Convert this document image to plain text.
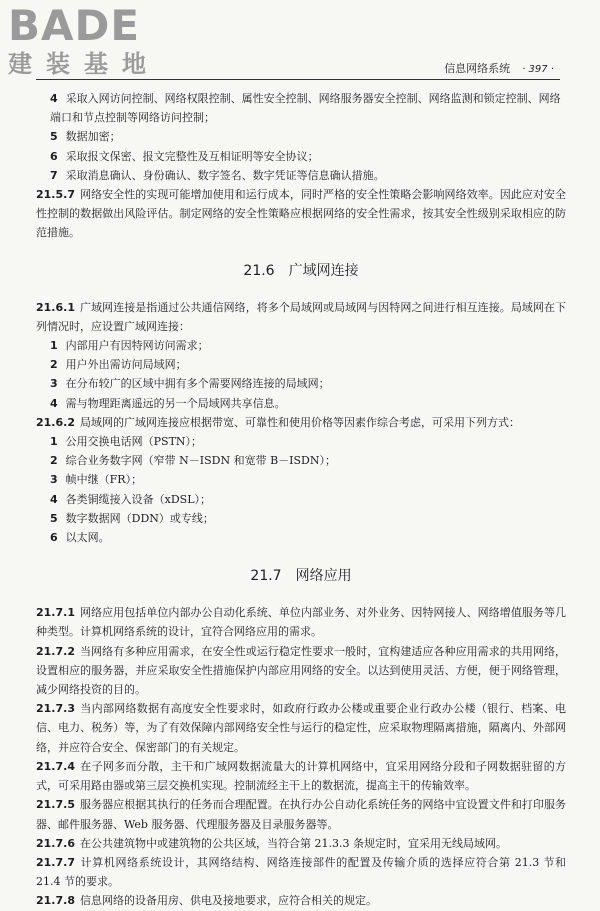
BADE
建装基地	信息网络系统 · 397 ·

4 采取入网访问控制、网络权限控制、属性安全控制、网络服务器安全控制、网络监测和锁定控制、网络端口和节点控制等网络访问控制；

5 数据加密；

6 采取报文保密、报文完整性及互相证明等安全协议；

7 采取消息确认、身份确认、数字签名、数字凭证等信息确认措施。

21.5.7 网络安全性的实现可能增加使用和运行成本，同时严格的安全性策略会影响网络效率。因此应对安全性控制的数据做出风险评估。制定网络的安全性策略应根据网络的安全性需求，按其安全性级别采取相应的防范措施。

21.6 广域网连接

21.6.1 广域网连接是指通过公共通信网络，将多个局域网或局域网与因特网之间进行相互连接。局域网在下列情况时，应设置广域网连接：

1 内部用户有因特网访问需求；

2 用户外出需访问局域网；

3 在分布较广的区域中拥有多个需要网络连接的局域网；

4 需与物理距离遥远的另一个局域网共享信息。

21.6.2 局域网的广域网连接应根据带宽、可靠性和使用价格等因素作综合考虑，可采用下列方式：

1 公用交换电话网（PSTN）；

2 综合业务数字网（窄带 N－ISDN 和宽带 B－ISDN）；

3 帧中继（FR）；

4 各类铜缆接入设备（xDSL）；

5 数字数据网（DDN）或专线；

6 以太网。

21.7 网络应用

21.7.1 网络应用包括单位内部办公自动化系统、单位内部业务、对外业务、因特网接人、网络增值服务等几种类型。计算机网络系统的设计，宜符合网络应用的需求。

21.7.2 当网络有多种应用需求，在安全性或运行稳定性要求一般时，宜构建适应各种应用需求的共用网络，设置相应的服务器，并应采取安全性措施保护内部应用网络的安全。以达到使用灵活、方便，便于网络管理，减少网络投资的目的。

21.7.3 当内部网络数据有高度安全性要求时，如政府行政办公楼或重要企业行政办公楼（银行、档案、电信、电力、税务）等，为了有效保障内部网络安全性与运行的稳定性，应采取物理隔离措施，隔离内、外部网络，并应符合安全、保密部门的有关规定。

21.7.4 在子网多而分散，主干和广域网数据流量大的计算机网络中，宜采用网络分段和子网数据驻留的方式，可采用路由器或第三层交换机实现。控制流经主干上的数据流，提高主干的传输效率。

21.7.5 服务器应根据其执行的任务而合理配置。在执行办公自动化系统任务的网络中宜设置文件和打印服务器、邮件服务器、Web 服务器、代理服务器及目录服务器等。

21.7.6 在公共建筑物中或建筑物的公共区域，当符合第 21.3.3 条规定时，宜采用无线局域网。

21.7.7 计算机网络系统设计，其网络结构、网络连接部件的配置及传输介质的选择应符合第 21.3 节和 21.4 节的要求。

21.7.8 信息网络的设备用房、供电及接地要求，应符合相关的规定。
